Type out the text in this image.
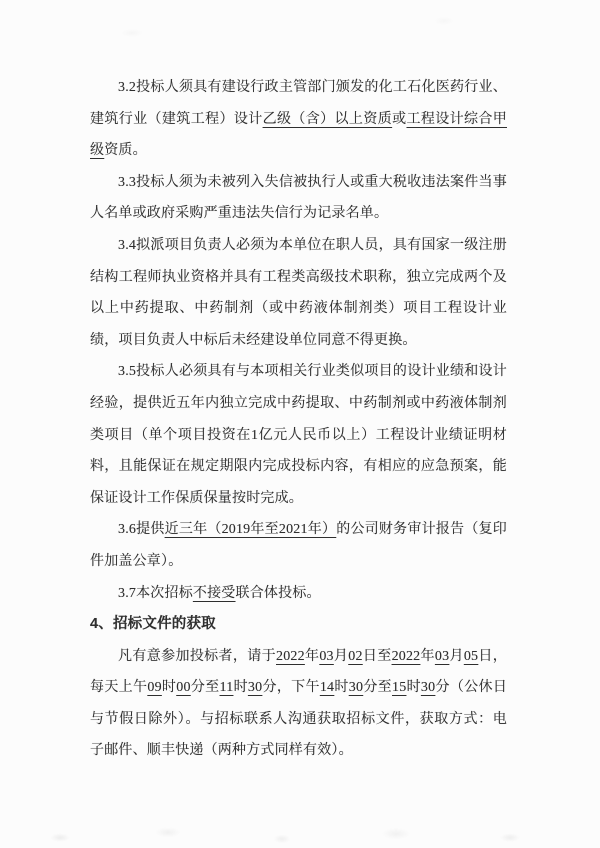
3.2投标人须具有建设行政主管部门颁发的化工石化医药行业、建筑行业（建筑工程）设计乙级（含）以上资质或工程设计综合甲级资质。

3.3投标人须为未被列入失信被执行人或重大税收违法案件当事人名单或政府采购严重违法失信行为记录名单。

3.4拟派项目负责人必须为本单位在职人员，具有国家一级注册结构工程师执业资格并具有工程类高级技术职称，独立完成两个及以上中药提取、中药制剂（或中药液体制剂类）项目工程设计业绩，项目负责人中标后未经建设单位同意不得更换。

3.5投标人必须具有与本项相关行业类似项目的设计业绩和设计经验，提供近五年内独立完成中药提取、中药制剂或中药液体制剂类项目（单个项目投资在1亿元人民币以上）工程设计业绩证明材料，且能保证在规定期限内完成投标内容，有相应的应急预案，能保证设计工作保质保量按时完成。

3.6提供近三年（2019年至2021年）的公司财务审计报告（复印件加盖公章）。

3.7本次招标不接受联合体投标。

4、招标文件的获取

凡有意参加投标者，请于2022年03月02日至2022年03月05日，每天上午09时00分至11时30分，下午14时30分至15时30分（公休日与节假日除外）。与招标联系人沟通获取招标文件，获取方式：电子邮件、顺丰快递（两种方式同样有效）。
